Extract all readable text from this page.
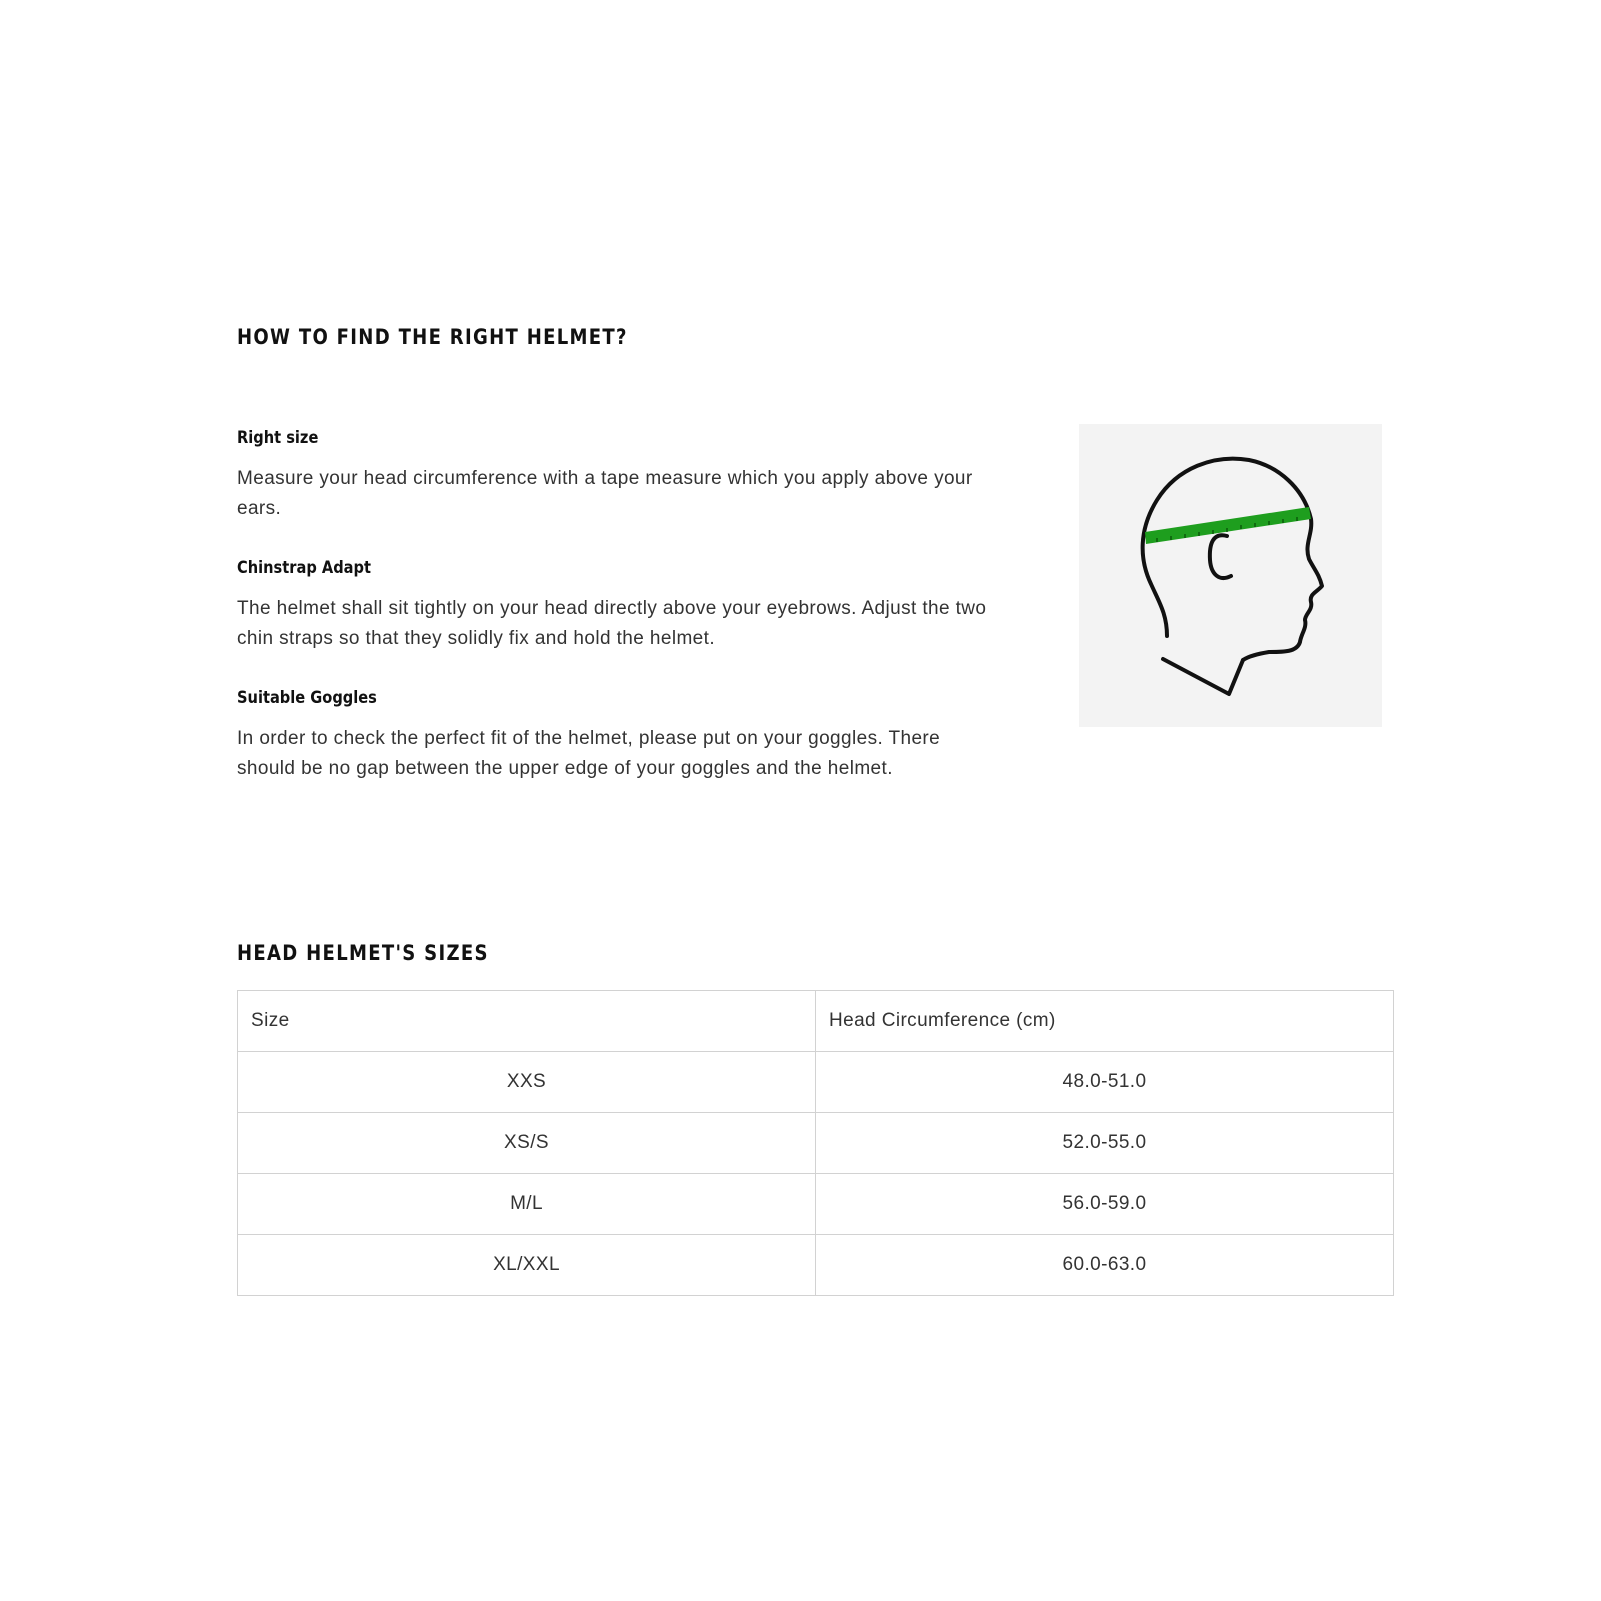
HOW TO FIND THE RIGHT HELMET?
Right size

Measure your head circumference with a tape measure which you apply above your ears.

Chinstrap Adapt

The helmet shall sit tightly on your head directly above your eyebrows. Adjust the two chin straps so that they solidly fix and hold the helmet.

Suitable Goggles

In order to check the perfect fit of the helmet, please put on your goggles. There should be no gap between the upper edge of your goggles and the helmet.

HEAD HELMET'S SIZES
Size	Head Circumference (cm)
XXS	48.0-51.0
XS/S	52.0-55.0
M/L	56.0-59.0
XL/XXL	60.0-63.0
